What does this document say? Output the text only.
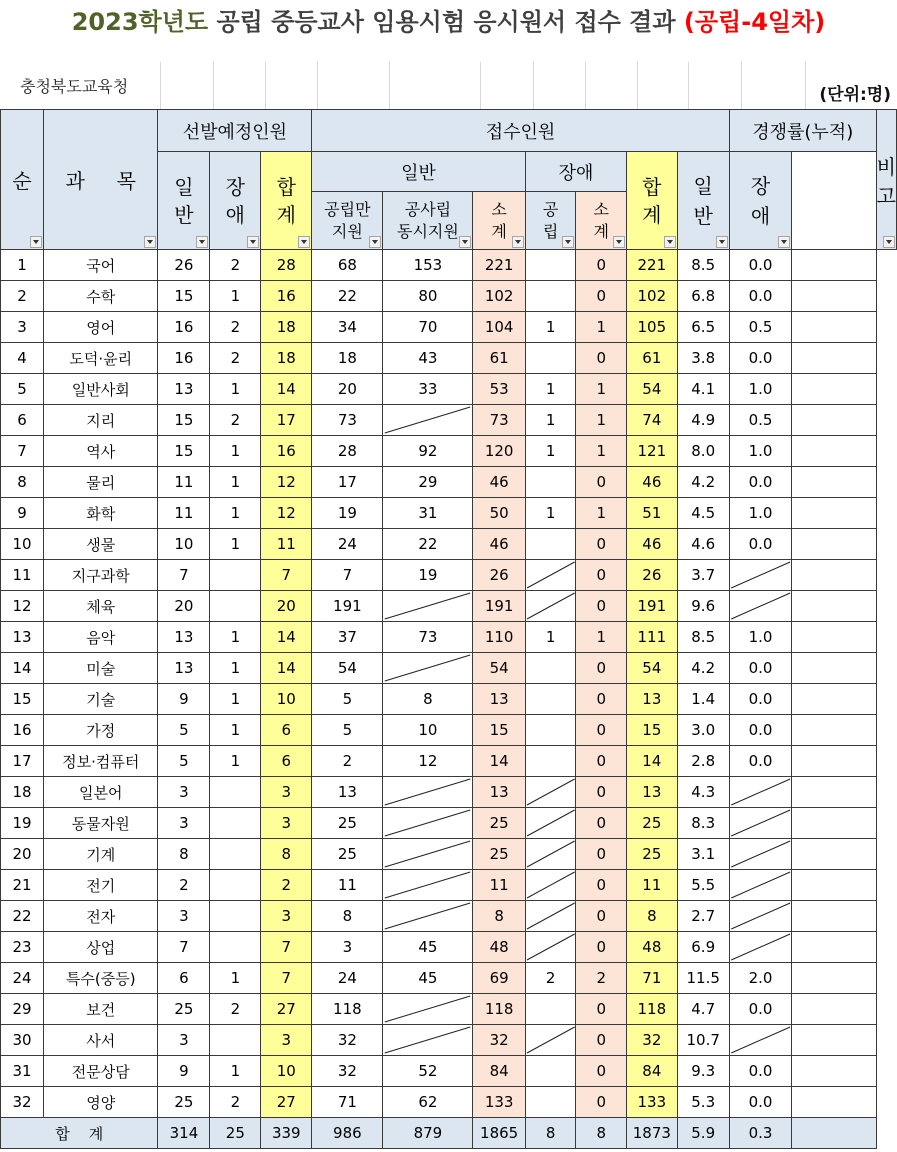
2023학년도 공립 중등교사 임용시험 응시원서 접수 결과 (공립-4일차)
충청북도교육청	(단위:명)
순	과     목	선발예정인원			접수인원							경쟁률(누적)		비고

		일반	장애	합계	일반			장애		합계	일반	장애		

					공립만 지원	공사립 동시지원	소계	공립	소계					

1	국어	26	2	28	68	153	221		0	221	8.5	0.0		
2	수학	15	1	16	22	80	102		0	102	6.8	0.0		
3	영어	16	2	18	34	70	104	1	1	105	6.5	0.5		
4	도덕·윤리	16	2	18	18	43	61		0	61	3.8	0.0		
5	일반사회	13	1	14	20	33	53	1	1	54	4.1	1.0		
6	지리	15	2	17	73		73	1	1	74	4.9	0.5		
7	역사	15	1	16	28	92	120	1	1	121	8.0	1.0		
8	물리	11	1	12	17	29	46		0	46	4.2	0.0		
9	화학	11	1	12	19	31	50	1	1	51	4.5	1.0		
10	생물	10	1	11	24	22	46		0	46	4.6	0.0		
11	지구과학	7		7	7	19	26		0	26	3.7	

12	체육	20		20	191		191		0	191	9.6	

13	음악	13	1	14	37	73	110	1	1	111	8.5	1.0		
14	미술	13	1	14	54		54		0	54	4.2	0.0		
15	기술	9	1	10	5	8	13		0	13	1.4	0.0		
16	가정	5	1	6	5	10	15		0	15	3.0	0.0		
17	정보·컴퓨터	5	1	6	2	12	14		0	14	2.8	0.0		
18	일본어	3		3	13		13		0	13	4.3	

19	동물자원	3		3	25		25		0	25	8.3	

20	기계	8		8	25		25		0	25	3.1	

21	전기	2		2	11		11		0	11	5.5	

22	전자	3		3	8		8		0	8	2.7	

23	상업	7		7	3	45	48		0	48	6.9	

24	특수(중등)	6	1	7	24	45	69	2	2	71	11.5	2.0		
29	보건	25	2	27	118		118		0	118	4.7	0.0		
30	사서	3		3	32		32		0	32	10.7	

31	전문상담	9	1	10	32	52	84		0	84	9.3	0.0		
32	영양	25	2	27	71	62	133		0	133	5.3	0.0		
합    계		314	25	339	986	879	1865	8	8	1873	5.9	0.3		
